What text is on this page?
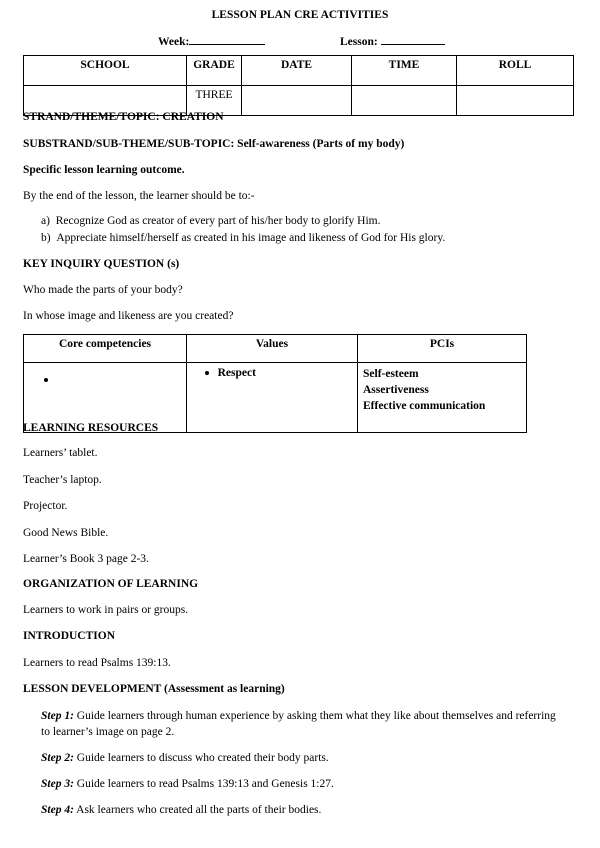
LESSON PLAN CRE ACTIVITIES
Week:	Lesson:
SCHOOL	GRADE	DATE	TIME	ROLL
	THREE			
STRAND/THEME/TOPIC: CREATION
SUBSTRAND/SUB-THEME/SUB-TOPIC: Self-awareness (Parts of my body)
Specific lesson learning outcome.
By the end of the lesson, the learner should be to:-
a) Recognize God as creator of every part of his/her body to glorify Him.
b) Appreciate himself/herself as created in his image and likeness of God for His glory.
KEY INQUIRY QUESTION (s)
Who made the parts of your body?
In whose image and likeness are you created?
Core competencies	Values	PCIs
	Respect	Self-esteem
Assertiveness
Effective communication
LEARNING RESOURCES
Learners’ tablet.
Teacher’s laptop.
Projector.
Good News Bible.
Learner’s Book 3 page 2-3.
ORGANIZATION OF LEARNING
Learners to work in pairs or groups.
INTRODUCTION
Learners to read Psalms 139:13.
LESSON DEVELOPMENT (Assessment as learning)
Step 1: Guide learners through human experience by asking them what they like about themselves and referring
to learner’s image on page 2.
Step 2: Guide learners to discuss who created their body parts.
Step 3: Guide learners to read Psalms 139:13 and Genesis 1:27.
Step 4: Ask learners who created all the parts of their bodies.
